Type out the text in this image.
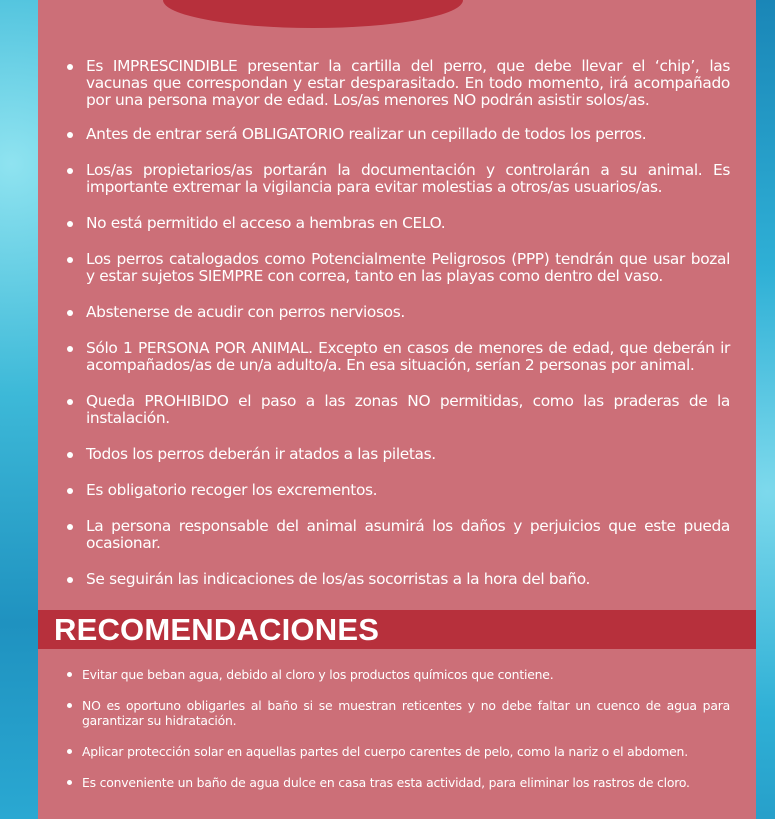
Es IMPRESCINDIBLE presentar la cartilla del perro, que debe llevar el ‘chip’, las vacunas que correspondan y estar desparasitado. En todo momento, irá acompañado por una persona mayor de edad. Los/as menores NO podrán asistir solos/as.
Antes de entrar será OBLIGATORIO realizar un cepillado de todos los perros.
Los/as propietarios/as portarán la documentación y controlarán a su animal. Es importante extremar la vigilancia para evitar molestias a otros/as usuarios/as.
No está permitido el acceso a hembras en CELO.
Los perros catalogados como Potencialmente Peligrosos (PPP) tendrán que usar bozal y estar sujetos SIEMPRE con correa, tanto en las playas como dentro del vaso.
Abstenerse de acudir con perros nerviosos.
Sólo 1 PERSONA POR ANIMAL. Excepto en casos de menores de edad, que deberán ir acompañados/as de un/a adulto/a. En esa situación, serían 2 personas por animal.
Queda PROHIBIDO el paso a las zonas NO permitidas, como las praderas de la instalación.
Todos los perros deberán ir atados a las piletas.
Es obligatorio recoger los excrementos.
La persona responsable del animal asumirá los daños y perjuicios que este pueda ocasionar.
Se seguirán las indicaciones de los/as socorristas a la hora del baño.
RECOMENDACIONES
Evitar que beban agua, debido al cloro y los productos químicos que contiene.
NO es oportuno obligarles al baño si se muestran reticentes y no debe faltar un cuenco de agua para garantizar su hidratación.
Aplicar protección solar en aquellas partes del cuerpo carentes de pelo, como la nariz o el abdomen.
Es conveniente un baño de agua dulce en casa tras esta actividad, para eliminar los rastros de cloro.
